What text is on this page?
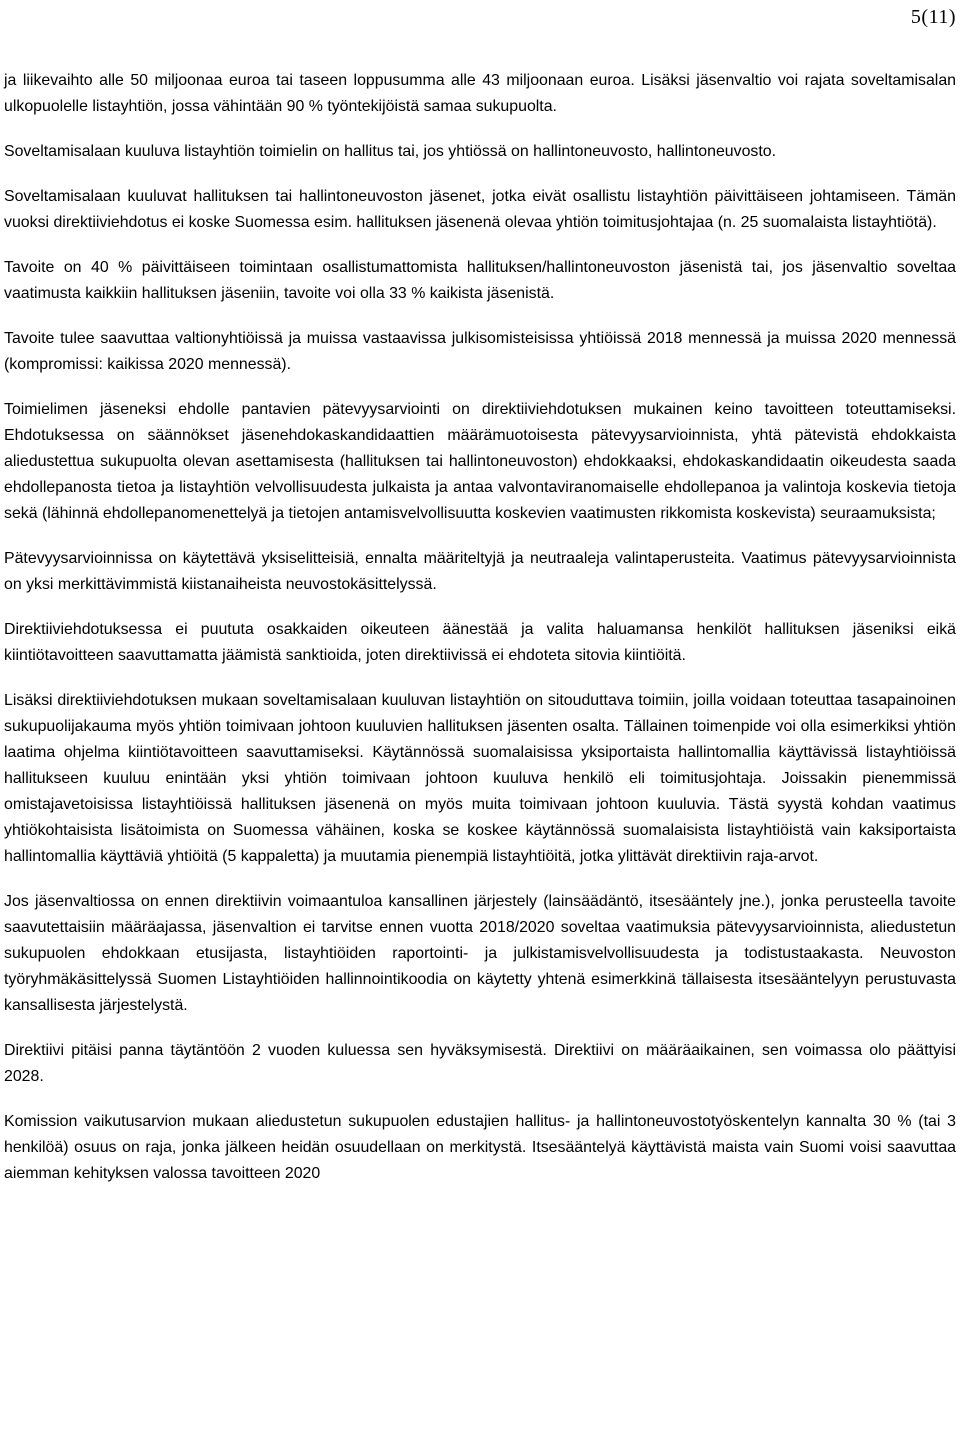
5(11)

ja liikevaihto alle 50 miljoonaa euroa tai taseen loppusumma alle 43 miljoonaan euroa. Lisäksi jäsenvaltio voi rajata soveltamisalan ulkopuolelle listayhtiön, jossa vähintään 90 % työntekijöistä samaa sukupuolta.

Soveltamisalaan kuuluva listayhtiön toimielin on hallitus tai, jos yhtiössä on hallintoneuvosto, hallintoneuvosto.

Soveltamisalaan kuuluvat hallituksen tai hallintoneuvoston jäsenet, jotka eivät osallistu listayhtiön päivittäiseen johtamiseen. Tämän vuoksi direktiiviehdotus ei koske Suomessa esim. hallituksen jäsenenä olevaa yhtiön toimitusjohtajaa (n. 25 suomalaista listayhtiötä).

Tavoite on 40 % päivittäiseen toimintaan osallistumattomista hallituksen/hallintoneuvoston jäsenistä tai, jos jäsenvaltio soveltaa vaatimusta kaikkiin hallituksen jäseniin, tavoite voi olla 33 % kaikista jäsenistä.

Tavoite tulee saavuttaa valtionyhtiöissä ja muissa vastaavissa julkisomisteisissa yhtiöissä 2018 mennessä ja muissa 2020 mennessä (kompromissi: kaikissa 2020 mennessä).

Toimielimen jäseneksi ehdolle pantavien pätevyysarviointi on direktiiviehdotuksen mukainen keino tavoitteen toteuttamiseksi. Ehdotuksessa on säännökset jäsenehdokaskandidaattien määrämuotoisesta pätevyysarvioinnista, yhtä pätevistä ehdokkaista aliedustettua sukupuolta olevan asettamisesta (hallituksen tai hallintoneuvoston) ehdokkaaksi, ehdokaskandidaatin oikeudesta saada ehdollepanosta tietoa ja listayhtiön velvollisuudesta julkaista ja antaa valvontaviranomaiselle ehdollepanoa ja valintoja koskevia tietoja sekä (lähinnä ehdollepanomenettelyä ja tietojen antamisvelvollisuutta koskevien vaatimusten rikkomista koskevista) seuraamuksista;

Pätevyysarvioinnissa on käytettävä yksiselitteisiä, ennalta määriteltyjä ja neutraaleja valintaperusteita. Vaatimus pätevyysarvioinnista on yksi merkittävimmistä kiistanaiheista neuvostokäsittelyssä.

Direktiiviehdotuksessa ei puututa osakkaiden oikeuteen äänestää ja valita haluamansa henkilöt hallituksen jäseniksi eikä kiintiötavoitteen saavuttamatta jäämistä sanktioida, joten direktiivissä ei ehdoteta sitovia kiintiöitä.

Lisäksi direktiiviehdotuksen mukaan soveltamisalaan kuuluvan listayhtiön on sitouduttava toimiin, joilla voidaan toteuttaa tasapainoinen sukupuolijakauma myös yhtiön toimivaan johtoon kuuluvien hallituksen jäsenten osalta. Tällainen toimenpide voi olla esimerkiksi yhtiön laatima ohjelma kiintiötavoitteen saavuttamiseksi. Käytännössä suomalaisissa yksiportaista hallintomallia käyttävissä listayhtiöissä hallitukseen kuuluu enintään yksi yhtiön toimivaan johtoon kuuluva henkilö eli toimitusjohtaja. Joissakin pienemmissä omistajavetoisissa listayhtiöissä hallituksen jäsenenä on myös muita toimivaan johtoon kuuluvia. Tästä syystä kohdan vaatimus yhtiökohtaisista lisätoimista on Suomessa vähäinen, koska se koskee käytännössä suomalaisista listayhtiöistä vain kaksiportaista hallintomallia käyttäviä yhtiöitä (5 kappaletta) ja muutamia pienempiä listayhtiöitä, jotka ylittävät direktiivin raja-arvot.

Jos jäsenvaltiossa on ennen direktiivin voimaantuloa kansallinen järjestely (lainsäädäntö, itsesääntely jne.), jonka perusteella tavoite saavutettaisiin määräajassa, jäsenvaltion ei tarvitse ennen vuotta 2018/2020 soveltaa vaatimuksia pätevyysarvioinnista, aliedustetun sukupuolen ehdokkaan etusijasta, listayhtiöiden raportointi- ja julkistamisvelvollisuudesta ja todistustaakasta. Neuvoston työryhmäkäsittelyssä Suomen Listayhtiöiden hallinnointikoodia on käytetty yhtenä esimerkkinä tällaisesta itsesääntelyyn perustuvasta kansallisesta järjestelystä.

Direktiivi pitäisi panna täytäntöön 2 vuoden kuluessa sen hyväksymisestä. Direktiivi on määräaikainen, sen voimassa olo päättyisi 2028.

Komission vaikutusarvion mukaan aliedustetun sukupuolen edustajien hallitus- ja hallintoneuvostotyöskentelyn kannalta 30 % (tai 3 henkilöä) osuus on raja, jonka jälkeen heidän osuudellaan on merkitystä. Itsesääntelyä käyttävistä maista vain Suomi voisi saavuttaa aiemman kehityksen valossa tavoitteen 2020
